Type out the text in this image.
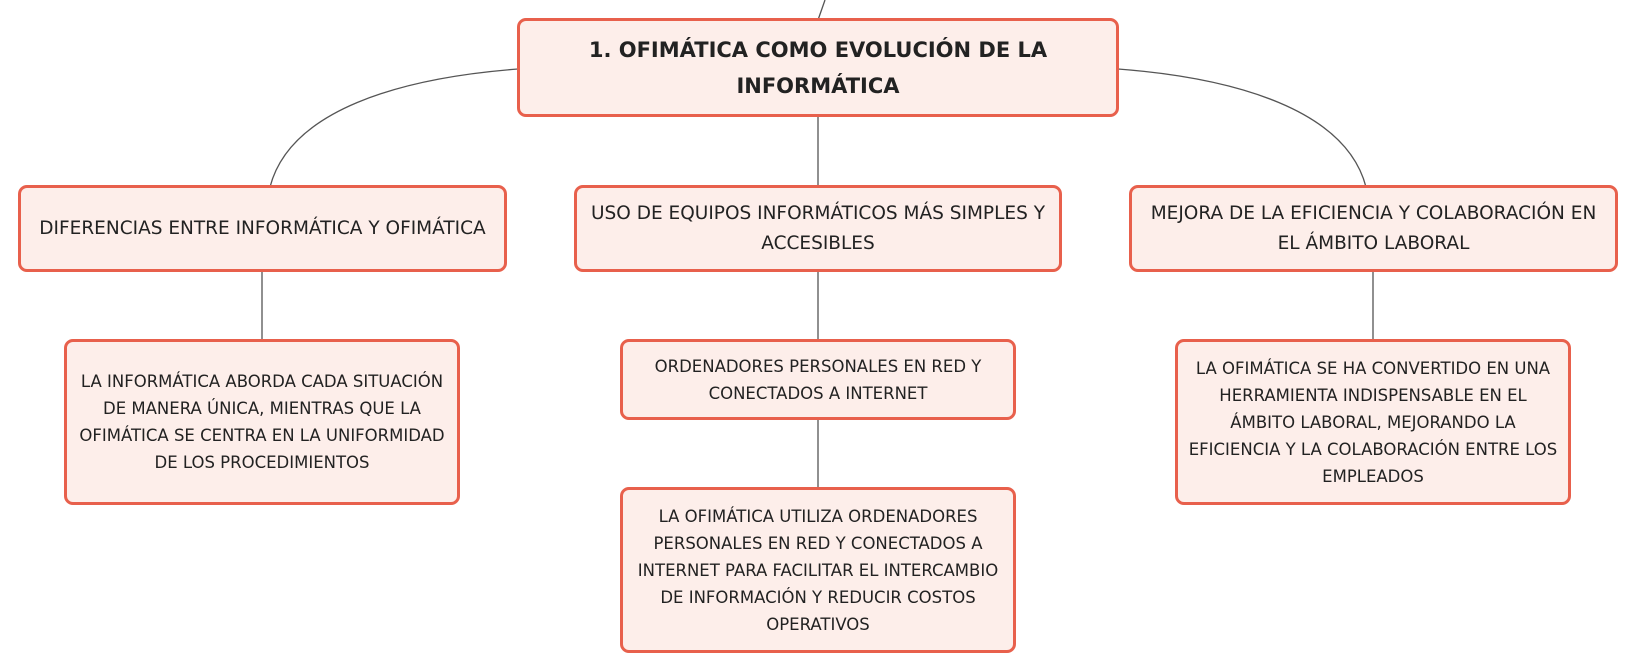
1. OFIMÁTICA COMO EVOLUCIÓN DE LA INFORMÁTICA
DIFERENCIAS ENTRE INFORMÁTICA Y OFIMÁTICA
USO DE EQUIPOS INFORMÁTICOS MÁS SIMPLES Y ACCESIBLES
MEJORA DE LA EFICIENCIA Y COLABORACIÓN EN EL ÁMBITO LABORAL
LA INFORMÁTICA ABORDA CADA SITUACIÓN DE MANERA ÚNICA, MIENTRAS QUE LA OFIMÁTICA SE CENTRA EN LA UNIFORMIDAD DE LOS PROCEDIMIENTOS
ORDENADORES PERSONALES EN RED Y CONECTADOS A INTERNET
LA OFIMÁTICA UTILIZA ORDENADORES PERSONALES EN RED Y CONECTADOS A INTERNET PARA FACILITAR EL INTERCAMBIO DE INFORMACIÓN Y REDUCIR COSTOS OPERATIVOS
LA OFIMÁTICA SE HA CONVERTIDO EN UNA HERRAMIENTA INDISPENSABLE EN EL ÁMBITO LABORAL, MEJORANDO LA EFICIENCIA Y LA COLABORACIÓN ENTRE LOS EMPLEADOS
